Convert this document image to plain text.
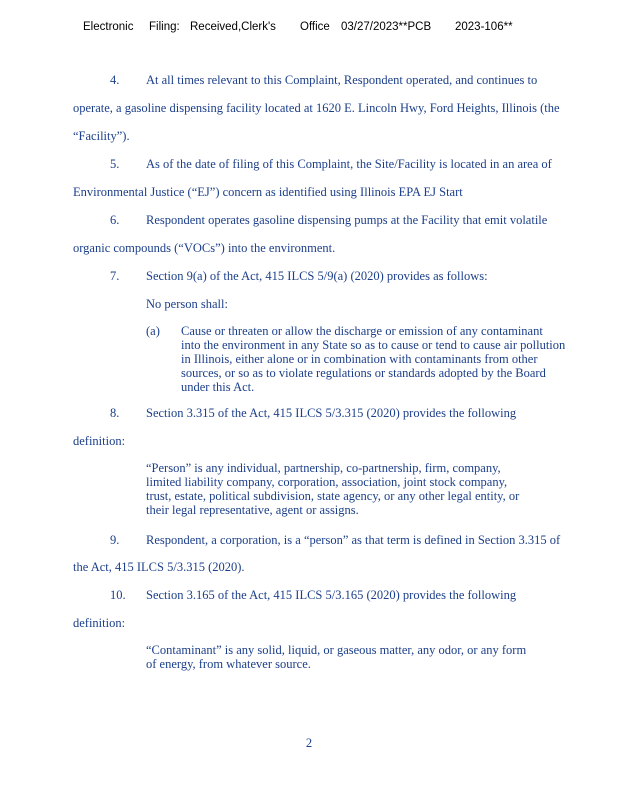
Electronic Filing: Received,Clerk's Office 03/27/2023**PCB 2023-106**
4. At all times relevant to this Complaint, Respondent operated, and continues to
operate, a gasoline dispensing facility located at 1620 E. Lincoln Hwy, Ford Heights, Illinois (the
“Facility”).
5. As of the date of filing of this Complaint, the Site/Facility is located in an area of
Environmental Justice (“EJ”) concern as identified using Illinois EPA EJ Start
6. Respondent operates gasoline dispensing pumps at the Facility that emit volatile
organic compounds (“VOCs”) into the environment.
7. Section 9(a) of the Act, 415 ILCS 5/9(a) (2020) provides as follows:
No person shall:
(a) Cause or threaten or allow the discharge or emission of any contaminant
into the environment in any State so as to cause or tend to cause air pollution
in Illinois, either alone or in combination with contaminants from other
sources, or so as to violate regulations or standards adopted by the Board
under this Act.
8. Section 3.315 of the Act, 415 ILCS 5/3.315 (2020) provides the following
definition:
“Person” is any individual, partnership, co-partnership, firm, company,
limited liability company, corporation, association, joint stock company,
trust, estate, political subdivision, state agency, or any other legal entity, or
their legal representative, agent or assigns.
9. Respondent, a corporation, is a “person” as that term is defined in Section 3.315 of
the Act, 415 ILCS 5/3.315 (2020).
10. Section 3.165 of the Act, 415 ILCS 5/3.165 (2020) provides the following
definition:
“Contaminant” is any solid, liquid, or gaseous matter, any odor, or any form
of energy, from whatever source.
2
